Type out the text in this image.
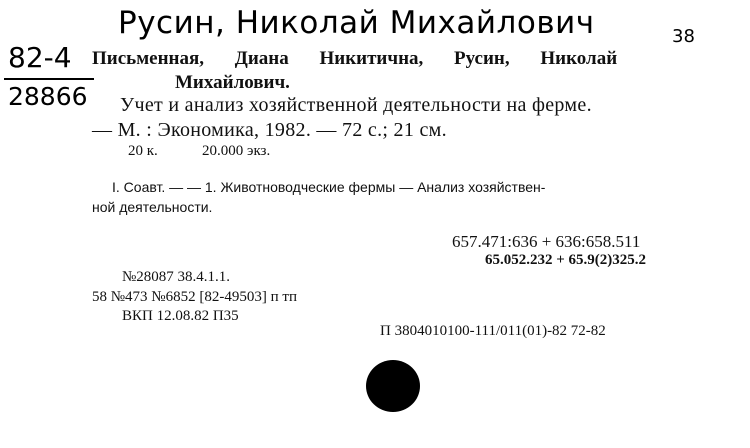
Русин, Николай Михайлович	38
82-4
28866
Письменная, Диана Никитична, Русин, Николай
Михайлович.
Учет и анализ хозяйственной деятельности на ферме.
— М. : Экономика, 1982. — 72 с.; 21 см.
20 к.	20.000 экз.
I. Соавт. — — 1. Животноводческие фермы — Анализ хозяйствен-
ной деятельности.
657.471:636 + 636:658.511
65.052.232 + 65.9(2)325.2
№28087 38.4.1.1.
58 №473 №6852 [82-49503] п тп
ВКП 12.08.82 П35
П 3804010100-111/011(01)-82 72-82
